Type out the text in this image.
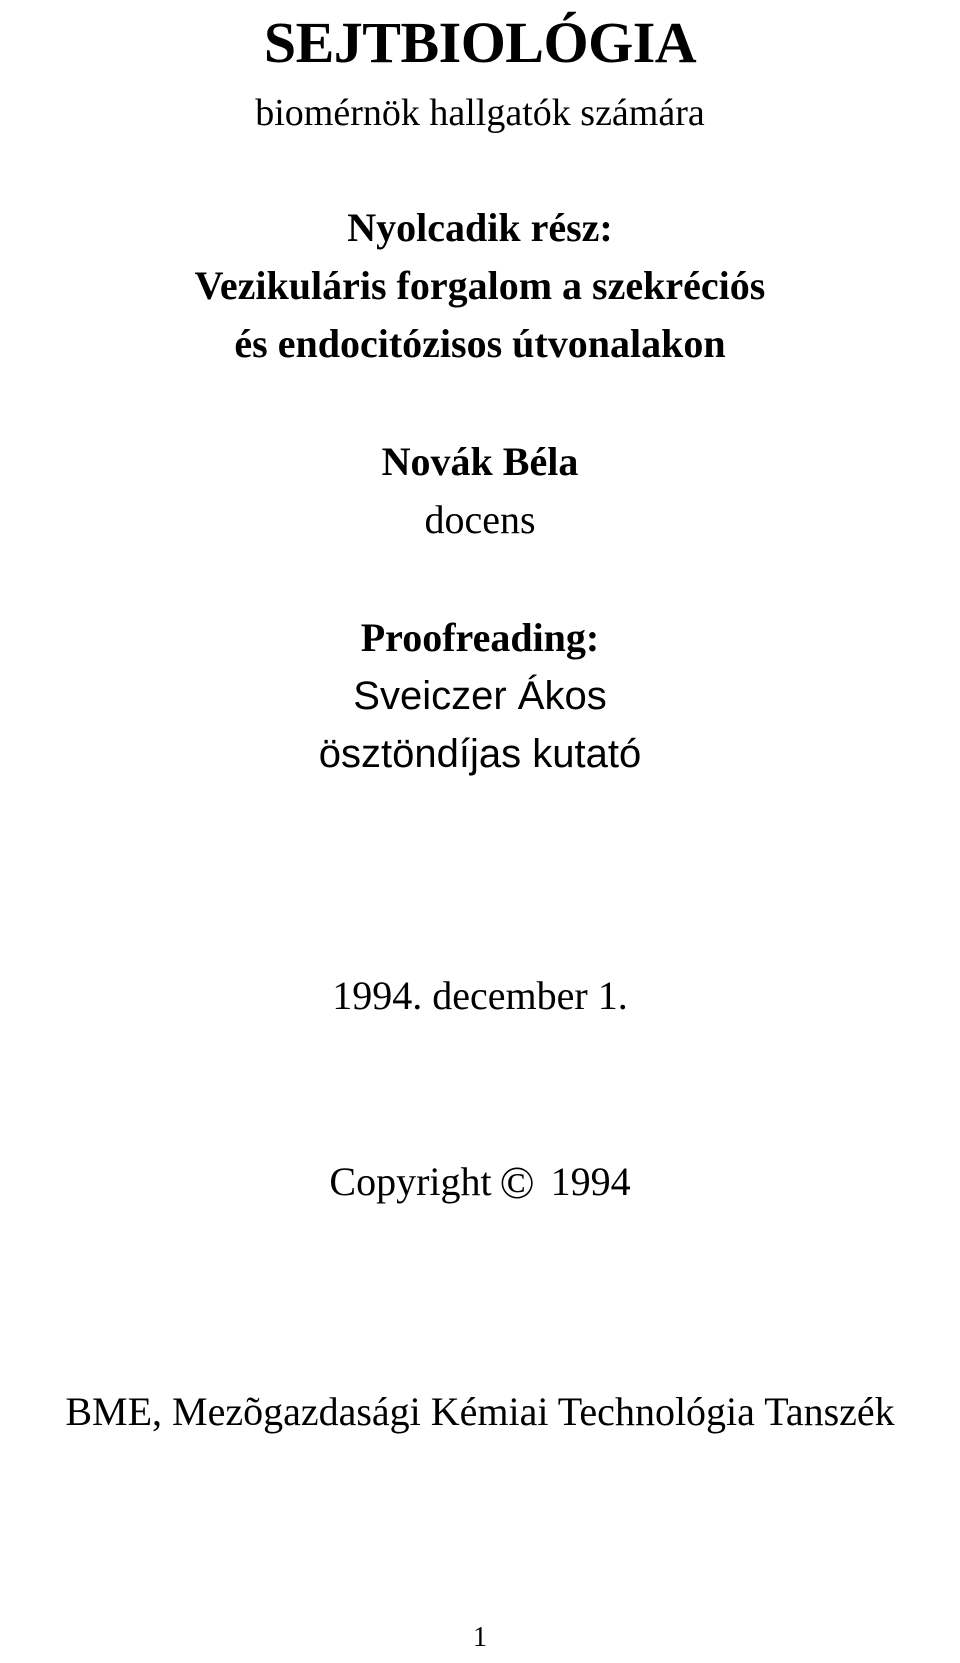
SEJTBIOLÓGIA
biomérnök hallgatók számára
Nyolcadik rész:
Vezikuláris forgalom a szekréciós
és endocitózisos útvonalakon
Novák Béla
docens
Proofreading:
Sveiczer Ákos
ösztöndíjas kutató
1994. december 1.
Copyright © 1994
BME, Mezõgazdasági Kémiai Technológia Tanszék
1
